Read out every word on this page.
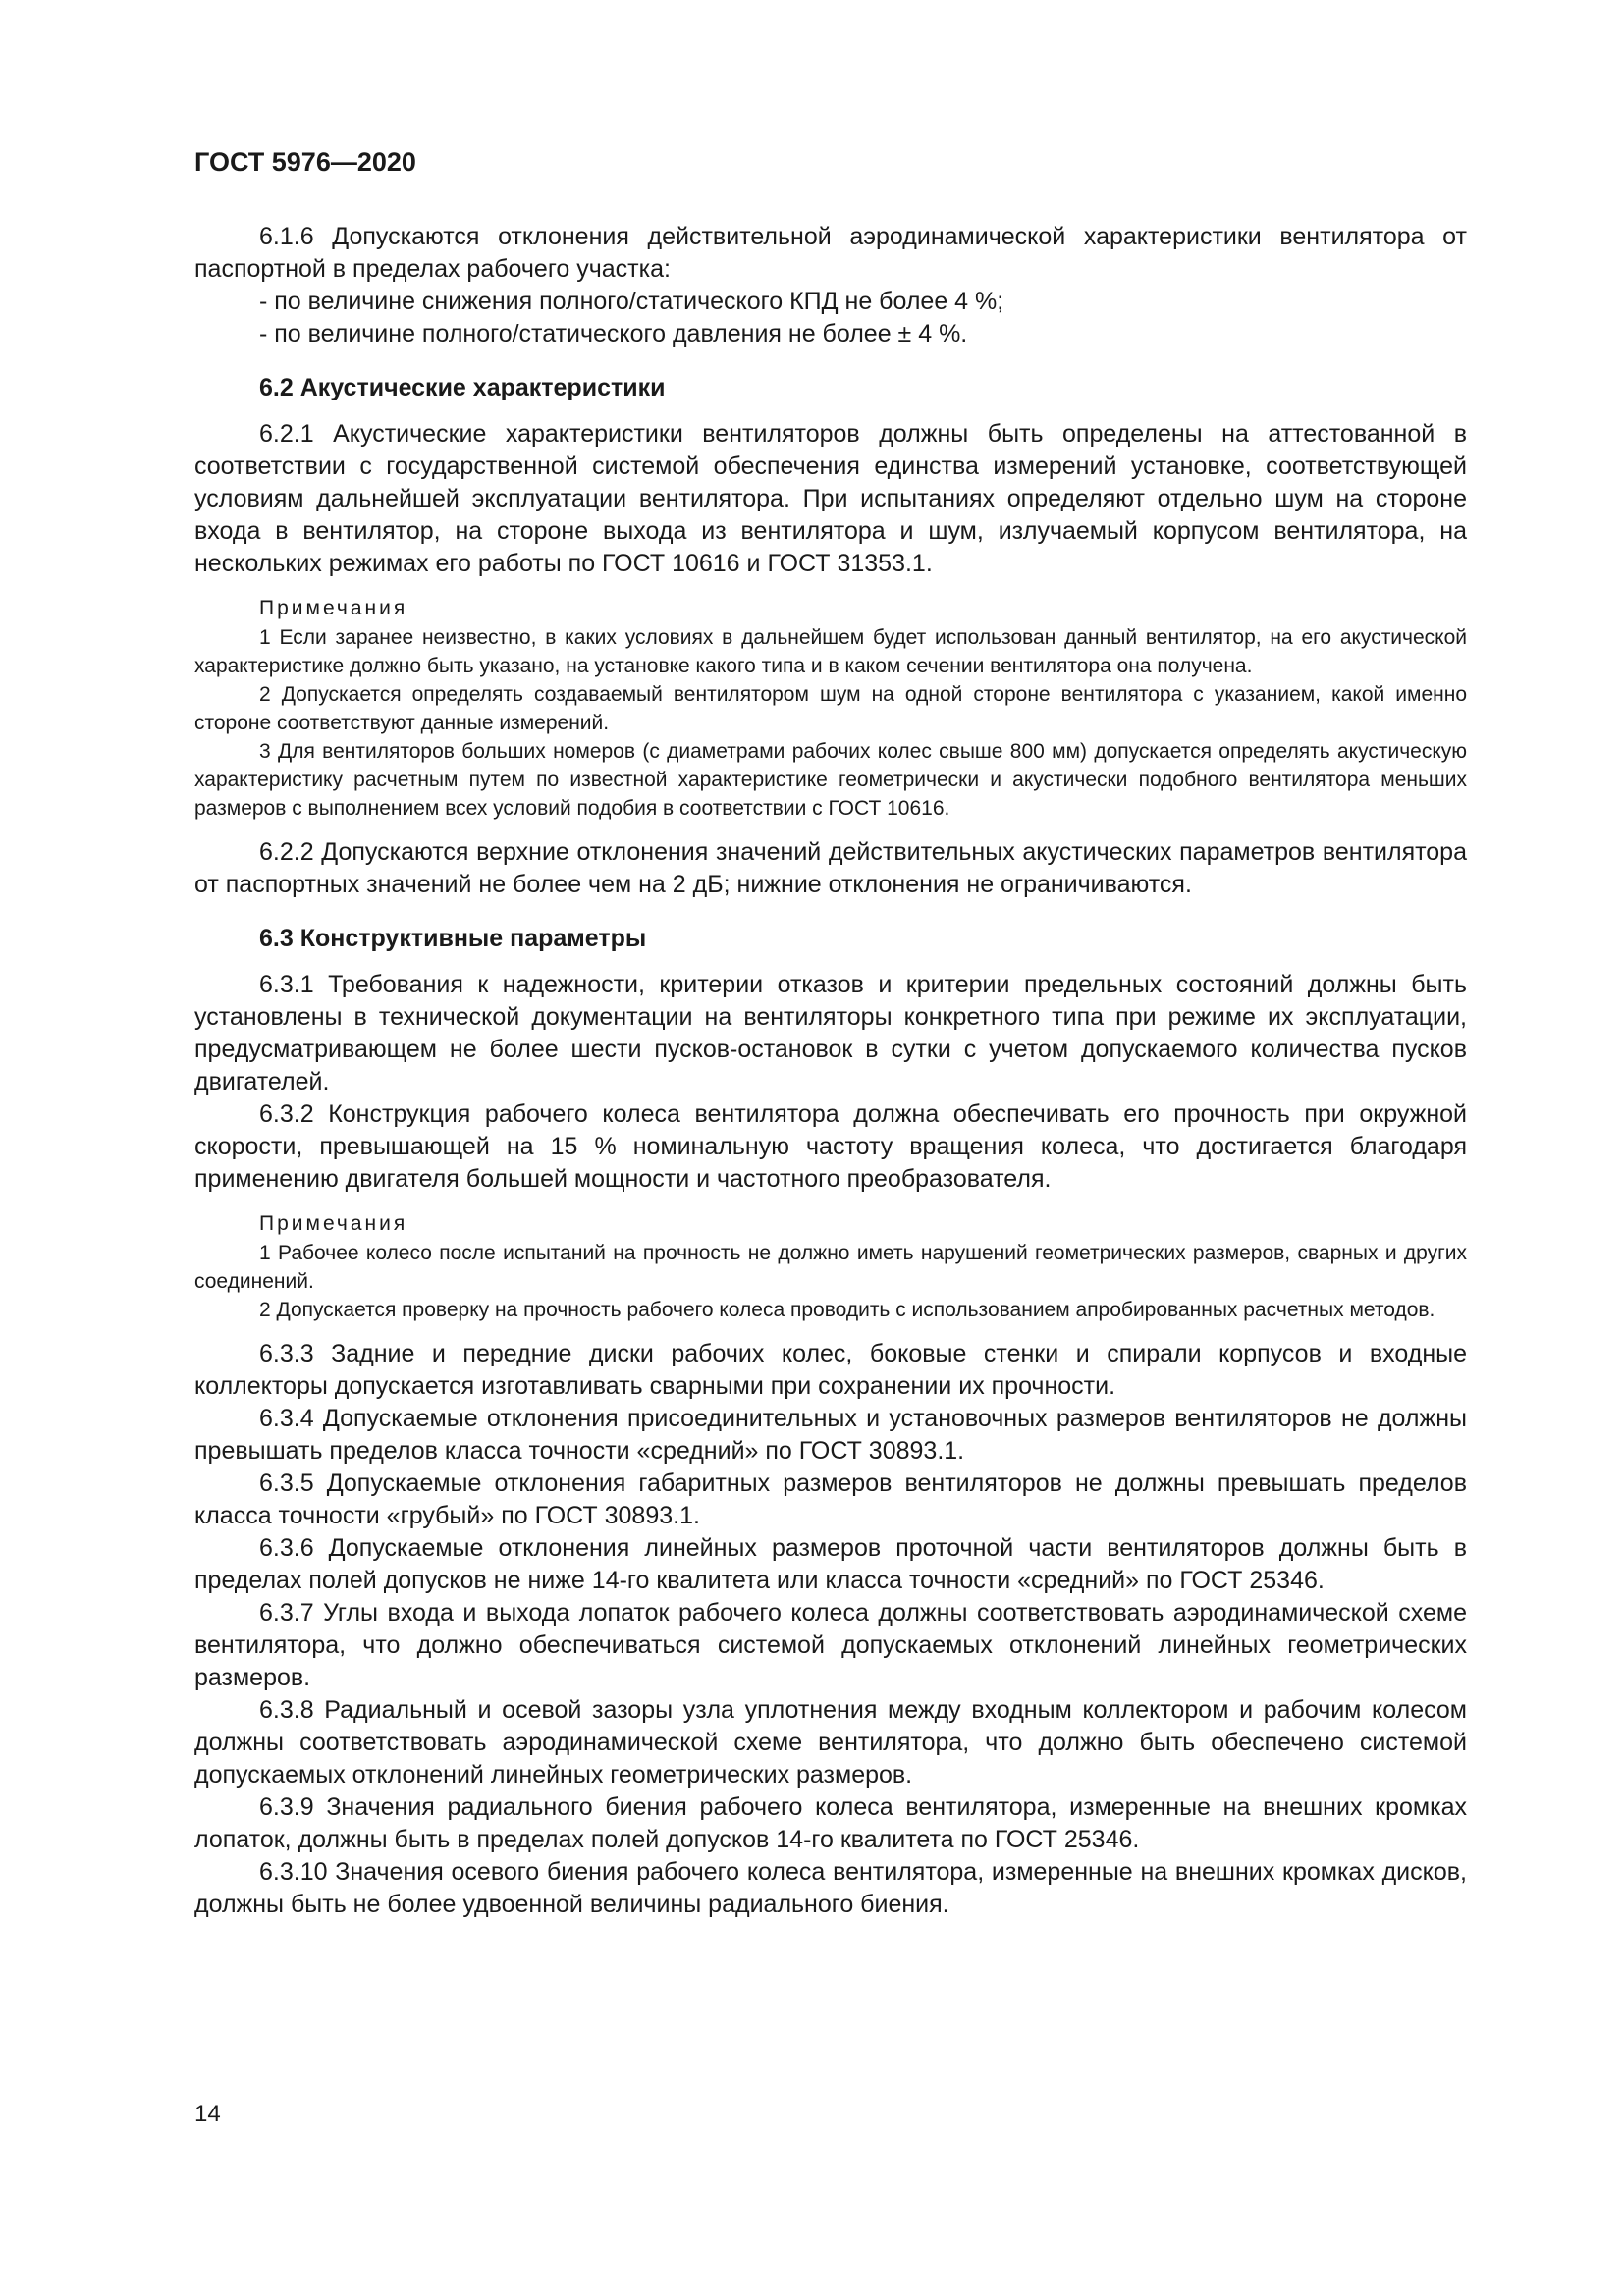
ГОСТ 5976—2020

6.1.6 Допускаются отклонения действительной аэродинамической характеристики вентилятора от паспортной в пределах рабочего участка:

- по величине снижения полного/статического КПД не более 4 %;

- по величине полного/статического давления не более ± 4 %.

6.2 Акустические характеристики

6.2.1 Акустические характеристики вентиляторов должны быть определены на аттестованной в соответствии с государственной системой обеспечения единства измерений установке, соответствующей условиям дальнейшей эксплуатации вентилятора. При испытаниях определяют отдельно шум на стороне входа в вентилятор, на стороне выхода из вентилятора и шум, излучаемый корпусом вентилятора, на нескольких режимах его работы по ГОСТ 10616 и ГОСТ 31353.1.

Примечания

1 Если заранее неизвестно, в каких условиях в дальнейшем будет использован данный вентилятор, на его акустической характеристике должно быть указано, на установке какого типа и в каком сечении вентилятора она получена.

2 Допускается определять создаваемый вентилятором шум на одной стороне вентилятора с указанием, какой именно стороне соответствуют данные измерений.

3 Для вентиляторов больших номеров (с диаметрами рабочих колес свыше 800 мм) допускается определять акустическую характеристику расчетным путем по известной характеристике геометрически и акустически подобного вентилятора меньших размеров с выполнением всех условий подобия в соответствии с ГОСТ 10616.

6.2.2 Допускаются верхние отклонения значений действительных акустических параметров вентилятора от паспортных значений не более чем на 2 дБ; нижние отклонения не ограничиваются.

6.3 Конструктивные параметры

6.3.1 Требования к надежности, критерии отказов и критерии предельных состояний должны быть установлены в технической документации на вентиляторы конкретного типа при режиме их эксплуатации, предусматривающем не более шести пусков-остановок в сутки с учетом допускаемого количества пусков двигателей.

6.3.2 Конструкция рабочего колеса вентилятора должна обеспечивать его прочность при окружной скорости, превышающей на 15 % номинальную частоту вращения колеса, что достигается благодаря применению двигателя большей мощности и частотного преобразователя.

Примечания

1 Рабочее колесо после испытаний на прочность не должно иметь нарушений геометрических размеров, сварных и других соединений.

2 Допускается проверку на прочность рабочего колеса проводить с использованием апробированных расчетных методов.

6.3.3 Задние и передние диски рабочих колес, боковые стенки и спирали корпусов и входные коллекторы допускается изготавливать сварными при сохранении их прочности.

6.3.4 Допускаемые отклонения присоединительных и установочных размеров вентиляторов не должны превышать пределов класса точности «средний» по ГОСТ 30893.1.

6.3.5 Допускаемые отклонения габаритных размеров вентиляторов не должны превышать пределов класса точности «грубый» по ГОСТ 30893.1.

6.3.6 Допускаемые отклонения линейных размеров проточной части вентиляторов должны быть в пределах полей допусков не ниже 14-го квалитета или класса точности «средний» по ГОСТ 25346.

6.3.7 Углы входа и выхода лопаток рабочего колеса должны соответствовать аэродинамической схеме вентилятора, что должно обеспечиваться системой допускаемых отклонений линейных геометрических размеров.

6.3.8 Радиальный и осевой зазоры узла уплотнения между входным коллектором и рабочим колесом должны соответствовать аэродинамической схеме вентилятора, что должно быть обеспечено системой допускаемых отклонений линейных геометрических размеров.

6.3.9 Значения радиального биения рабочего колеса вентилятора, измеренные на внешних кромках лопаток, должны быть в пределах полей допусков 14-го квалитета по ГОСТ 25346.

6.3.10 Значения осевого биения рабочего колеса вентилятора, измеренные на внешних кромках дисков, должны быть не более удвоенной величины радиального биения.

14
